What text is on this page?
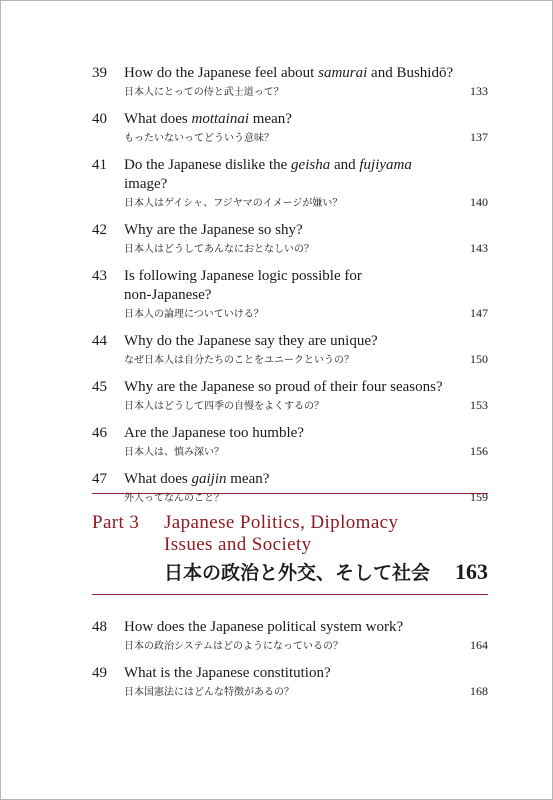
39 How do the Japanese feel about samurai and Bushidō?
日本人にとっての侍と武士道って？	133
40 What does mottainai mean?
もったいないってどういう意味？	137
41 Do the Japanese dislike the geisha and fujiyama
image?
日本人はゲイシャ、フジヤマのイメージが嫌い？	140
42 Why are the Japanese so shy?
日本人はどうしてあんなにおとなしいの？	143
43 Is following Japanese logic possible for
non-Japanese?
日本人の論理についていける？	147
44 Why do the Japanese say they are unique?
なぜ日本人は自分たちのことをユニークというの？	150
45 Why are the Japanese so proud of their four seasons?
日本人はどうして四季の自慢をよくするの？	153
46 Are the Japanese too humble?
日本人は、慎み深い？	156
47 What does gaijin mean?
外人ってなんのこと？	159
Part 3 Japanese Politics, Diplomacy
Issues and Society
日本の政治と外交、そして社会 163
48 How does the Japanese political system work?
日本の政治システムはどのようになっているの？	164
49 What is the Japanese constitution?
日本国憲法にはどんな特徴があるの？	168
